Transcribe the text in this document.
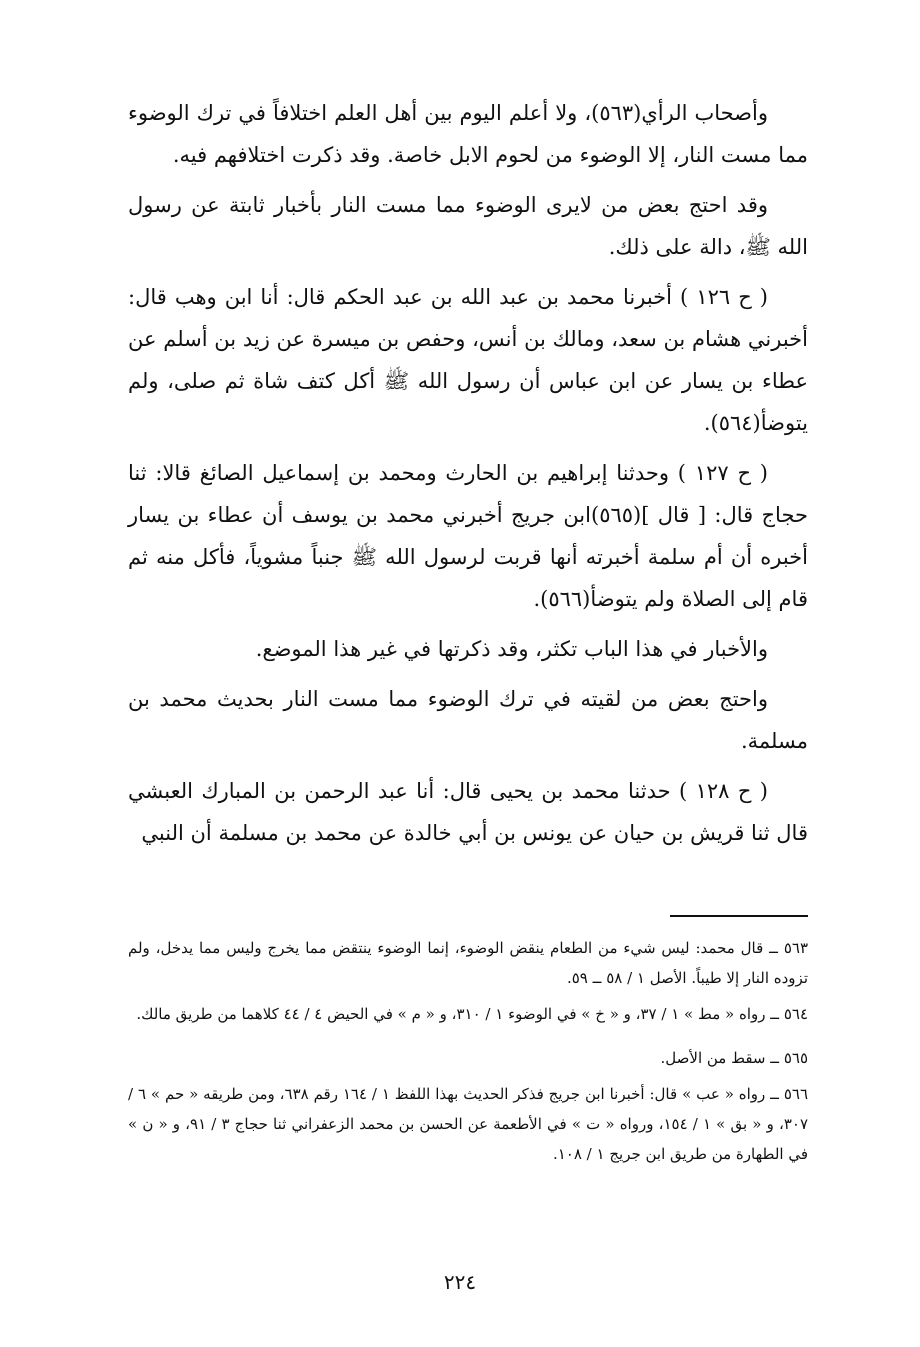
وأصحاب الرأي(٥٦٣)، ولا أعلم اليوم بين أهل العلم اختلافاً في ترك الوضوء مما مست النار، إلا الوضوء من لحوم الابل خاصة. وقد ذكرت اختلافهم فيه.

وقد احتج بعض من لايرى الوضوء مما مست النار بأخبار ثابتة عن رسول الله ﷺ، دالة على ذلك.

( ح ١٢٦ ) أخبرنا محمد بن عبد الله بن عبد الحكم قال: أنا ابن وهب قال: أخبرني هشام بن سعد، ومالك بن أنس، وحفص بن ميسرة عن زيد بن أسلم عن عطاء بن يسار عن ابن عباس أن رسول الله ﷺ أكل كتف شاة ثم صلى، ولم يتوضأ(٥٦٤).

( ح ١٢٧ ) وحدثنا إبراهيم بن الحارث ومحمد بن إسماعيل الصائغ قالا: ثنا حجاج قال: [ قال ](٥٦٥)ابن جريج أخبرني محمد بن يوسف أن عطاء بن يسار أخبره أن أم سلمة أخبرته أنها قربت لرسول الله ﷺ جنباً مشوياً، فأكل منه ثم قام إلى الصلاة ولم يتوضأ(٥٦٦).

والأخبار في هذا الباب تكثر، وقد ذكرتها في غير هذا الموضع.

واحتج بعض من لقيته في ترك الوضوء مما مست النار بحديث محمد بن مسلمة.

( ح ١٢٨ ) حدثنا محمد بن يحيى قال: أنا عبد الرحمن بن المبارك العبشي قال ثنا قريش بن حيان عن يونس بن أبي خالدة عن محمد بن مسلمة أن النبي

٥٦٣ ــ قال محمد: ليس شيء من الطعام ينقض الوضوء، إنما الوضوء ينتقض مما يخرج وليس مما يدخل، ولم تزوده النار إلا طيباً. الأصل ١ / ٥٨ ــ ٥٩.

٥٦٤ ــ رواه « مط » ١ / ٣٧، و « خ » في الوضوء ١ / ٣١٠، و « م » في الحيض ٤ / ٤٤ كلاهما من طريق مالك.

٥٦٥ ــ سقط من الأصل.

٥٦٦ ــ رواه « عب » قال: أخبرنا ابن جريج فذكر الحديث بهذا اللفظ ١ / ١٦٤ رقم ٦٣٨، ومن طريقه « حم » ٦ / ٣٠٧، و « بق » ١ / ١٥٤، ورواه « ت » في الأطعمة عن الحسن بن محمد الزعفراني ثنا حجاج ٣ / ٩١، و « ن » في الطهارة من طريق ابن جريج ١ / ١٠٨.

٢٢٤
